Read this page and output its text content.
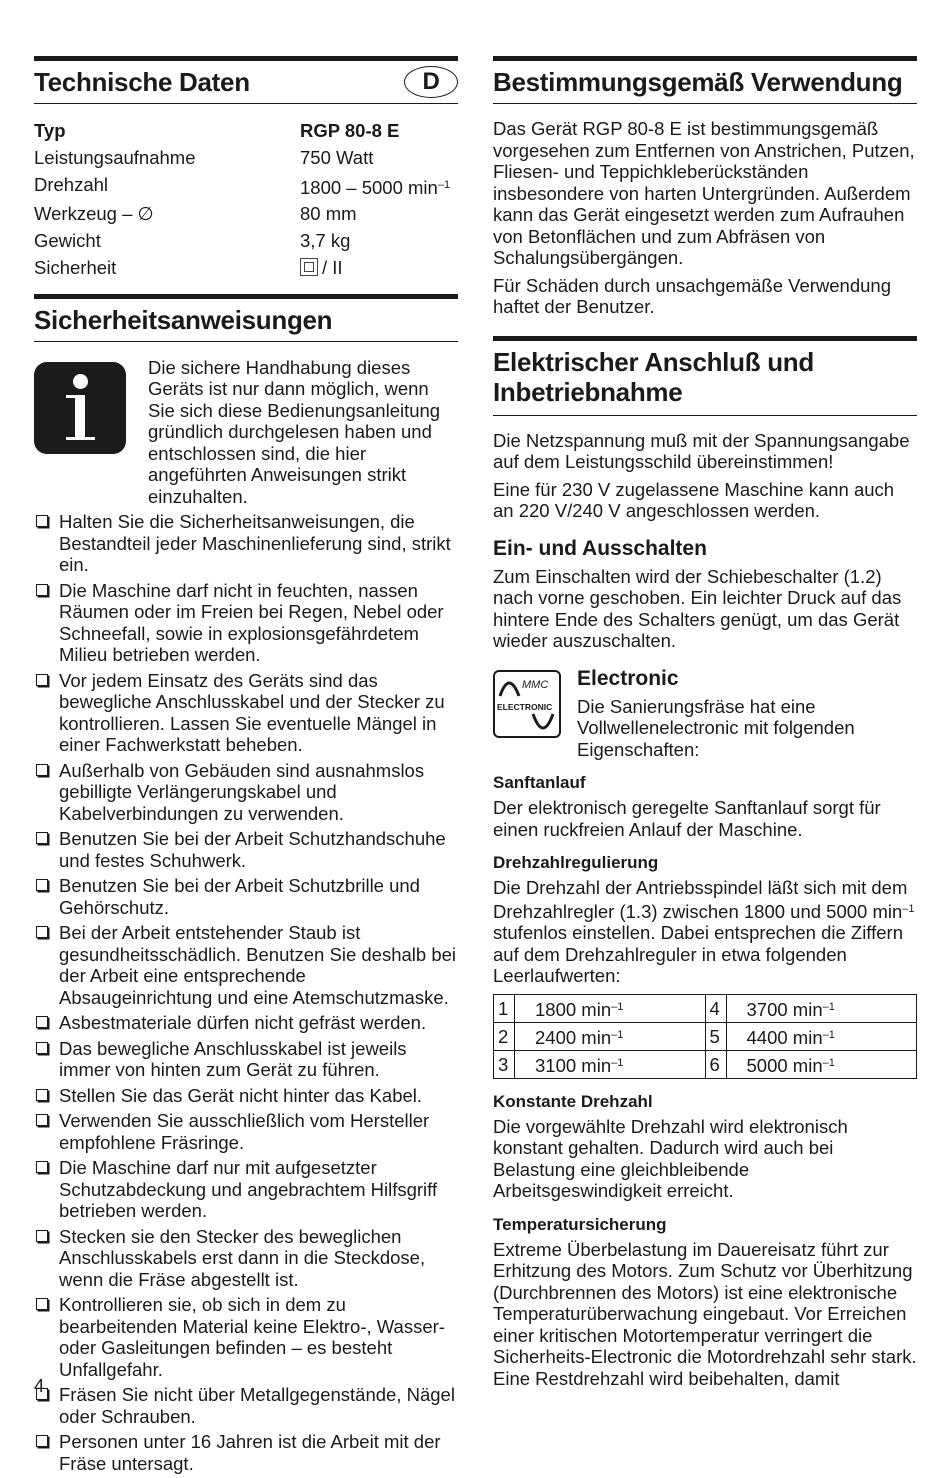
Technische Daten	D
Typ	RGP 80-8 E
Leistungsaufnahme	750 Watt
Drehzahl	1800 – 5000 $\min^{-1}$
Werkzeug – ∅	80 mm
Gewicht	3,7 kg
Sicherheit	/ II
Sicherheitsanweisungen

Die sichere Handhabung dieses Geräts ist nur dann möglich, wenn Sie sich diese Bedienungsanleitung gründlich durchgelesen haben und entschlossen sind, die hier angeführten Anweisungen strikt einzuhalten.

Halten Sie die Sicherheitsanweisungen, die Bestandteil jeder Maschinenlieferung sind, strikt ein.
Die Maschine darf nicht in feuchten, nassen Räumen oder im Freien bei Regen, Nebel oder Schneefall, sowie in explosionsgefährdetem Milieu betrieben werden.
Vor jedem Einsatz des Geräts sind das bewegliche Anschlusskabel und der Stecker zu kontrollieren. Lassen Sie eventuelle Mängel in einer Fachwerkstatt beheben.
Außerhalb von Gebäuden sind ausnahmslos gebilligte Verlängerungskabel und Kabelverbindungen zu verwenden.
Benutzen Sie bei der Arbeit Schutzhandschuhe und festes Schuhwerk.
Benutzen Sie bei der Arbeit Schutzbrille und Gehörschutz.
Bei der Arbeit entstehender Staub ist gesundheitsschädlich. Benutzen Sie deshalb bei der Arbeit eine entsprechende Absaugeinrichtung und eine Atemschutzmaske.
Asbestmateriale dürfen nicht gefräst werden.
Das bewegliche Anschlusskabel ist jeweils immer von hinten zum Gerät zu führen.
Stellen Sie das Gerät nicht hinter das Kabel.
Verwenden Sie ausschließlich vom Hersteller empfohlene Fräsringe.
Die Maschine darf nur mit aufgesetzter Schutzabdeckung und angebrachtem Hilfsgriff betrieben werden.
Stecken sie den Stecker des beweglichen Anschlusskabels erst dann in die Steckdose, wenn die Fräse abgestellt ist.
Kontrollieren sie, ob sich in dem zu bearbeitenden Material keine Elektro-, Wasser- oder Gasleitungen befinden – es besteht Unfallgefahr.
Fräsen Sie nicht über Metallgegenstände, Nägel oder Schrauben.
Personen unter 16 Jahren ist die Arbeit mit der Fräse untersagt.
Bestimmungsgemäß Verwendung

Das Gerät RGP 80-8 E ist bestimmungsgemäß vorgesehen zum Entfernen von Anstrichen, Putzen, Fliesen- und Teppichkleberückständen insbesondere von harten Untergründen. Außerdem kann das Gerät eingesetzt werden zum Aufrauhen von Betonflächen und zum Abfräsen von Schalungsübergängen.

Für Schäden durch unsachgemäße Verwendung haftet der Benutzer.

Elektrischer Anschluß und
Inbetriebnahme

Die Netzspannung muß mit der Spannungsangabe auf dem Leistungsschild übereinstimmen!

Eine für 230 V zugelassene Maschine kann auch an 220 V/240 V angeschlossen werden.

Ein- und Ausschalten

Zum Einschalten wird der Schiebeschalter (1.2) nach vorne geschoben. Ein leichter Druck auf das hintere Ende des Schalters genügt, um das Gerät wieder auszuschalten.

MMC
ELECTRONIC
Electronic

Die Sanierungsfräse hat eine Vollwellenelectronic mit folgenden Eigenschaften:

Sanftanlauf

Der elektronisch geregelte Sanftanlauf sorgt für einen ruckfreien Anlauf der Maschine.

Drehzahlregulierung

Die Drehzahl der Antriebsspindel läßt sich mit dem Drehzahlregler (1.3) zwischen 1800 und 5000 $\min^{-1}$ stufenlos einstellen. Dabei entsprechen die Ziffern auf dem Drehzahlreguler in etwa folgenden Leerlaufwerten:

1	1800 $\min^{-1}$	4	3700 $\min^{-1}$
2	2400 $\min^{-1}$	5	4400 $\min^{-1}$
3	3100 $\min^{-1}$	6	5000 $\min^{-1}$
Konstante Drehzahl

Die vorgewählte Drehzahl wird elektronisch konstant gehalten. Dadurch wird auch bei Belastung eine gleichbleibende Arbeitsgeswindigkeit erreicht.

Temperatursicherung

Extreme Überbelastung im Dauereisatz führt zur Erhitzung des Motors. Zum Schutz vor Überhitzung (Durchbrennen des Motors) ist eine elektronische Temperaturüberwachung eingebaut. Vor Erreichen einer kritischen Motortemperatur verringert die Sicherheits-Electronic die Motordrehzahl sehr stark. Eine Restdrehzahl wird beibehalten, damit

4
